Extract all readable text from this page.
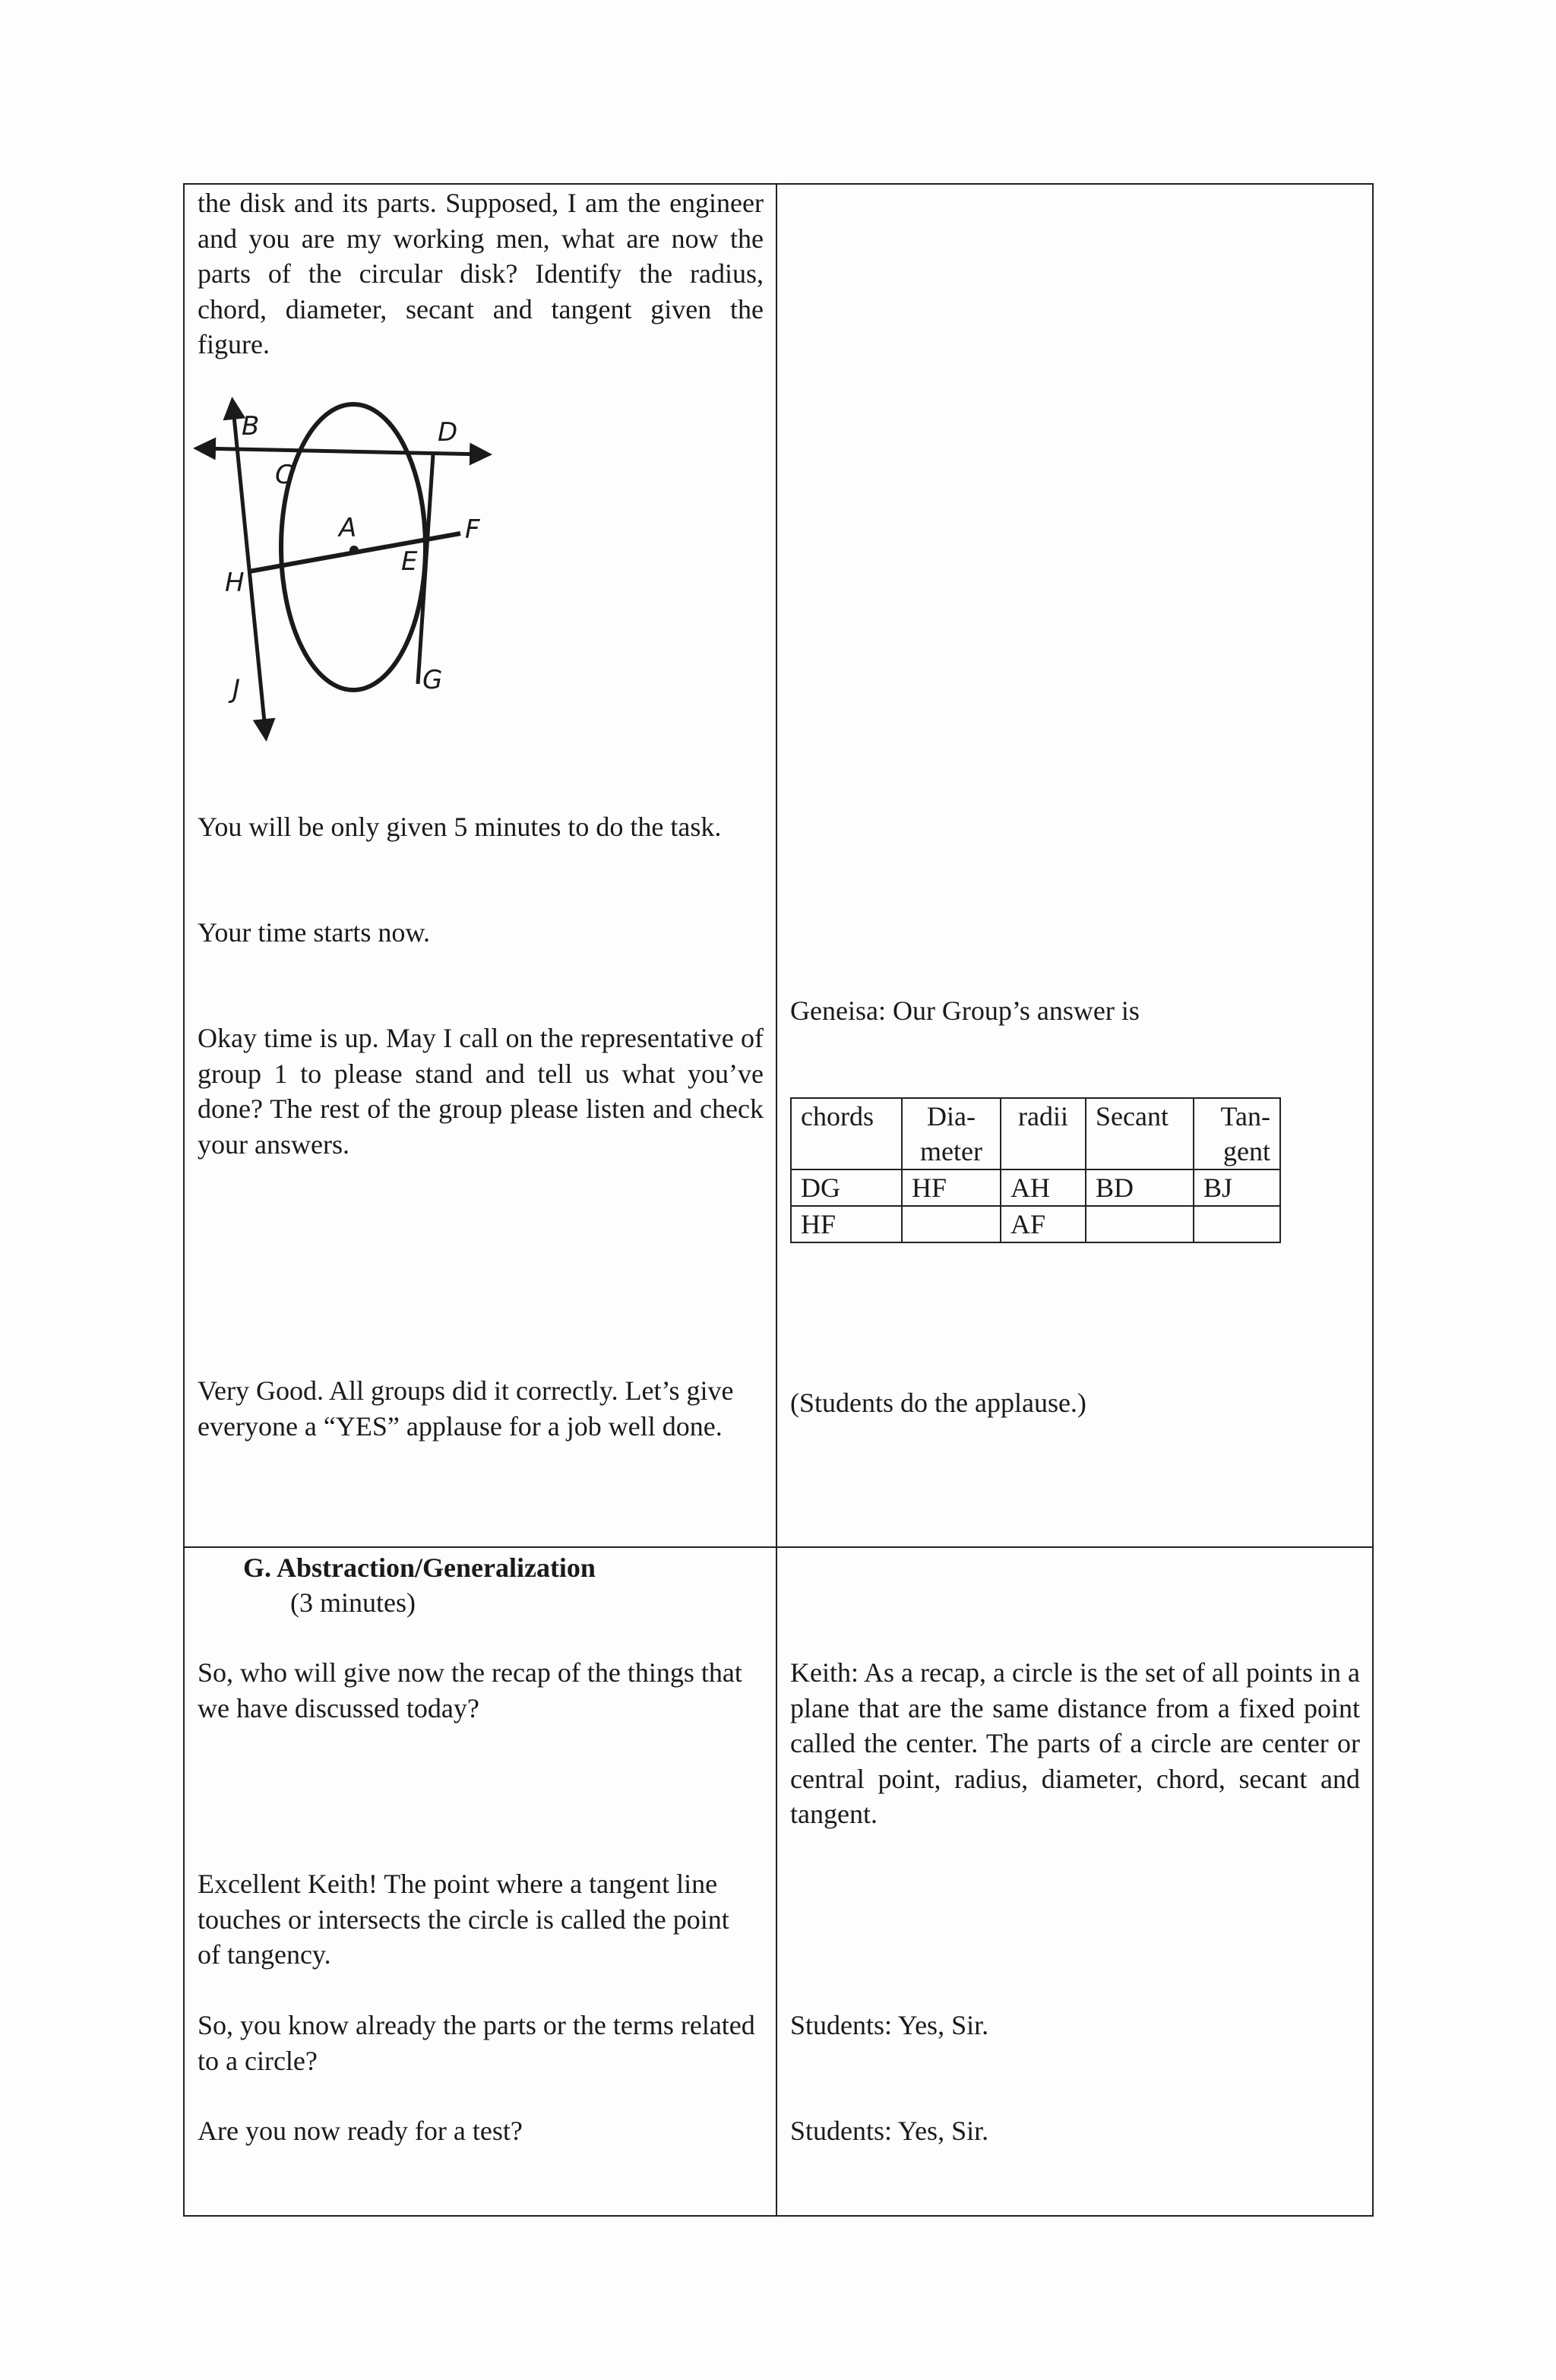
the disk and its parts. Supposed, I am the engineer and you are my working men, what are now the parts of the circular disk? Identify the radius, chord, diameter, secant and tangent given the figure.

B	D
C
A	F
H
E
J	G

You will be only given 5 minutes to do the task.

Your time starts now.

Okay time is up. May I call on the representative of group 1 to please stand and tell us what you’ve done? The rest of the group please listen and check your answers.

Very Good. All groups did it correctly. Let’s give everyone a “YES” applause for a job well done.

Geneisa: Our Group’s answer is

chords	Dia-
meter	radii	Secant	Tan-
gent
DG	HF	AH	BD	BJ
HF		AF		

(Students do the applause.)

G. Abstraction/Generalization

(3 minutes)

So, who will give now the recap of the things that we have discussed today?

Excellent Keith! The point where a tangent line touches or intersects the circle is called the point of tangency.

So, you know already the parts or the terms related to a circle?

Are you now ready for a test?

Keith: As a recap, a circle is the set of all points in a plane that are the same distance from a fixed point called the center. The parts of a circle are center or central point, radius, diameter, chord, secant and tangent.

Students: Yes, Sir.

Students: Yes, Sir.
